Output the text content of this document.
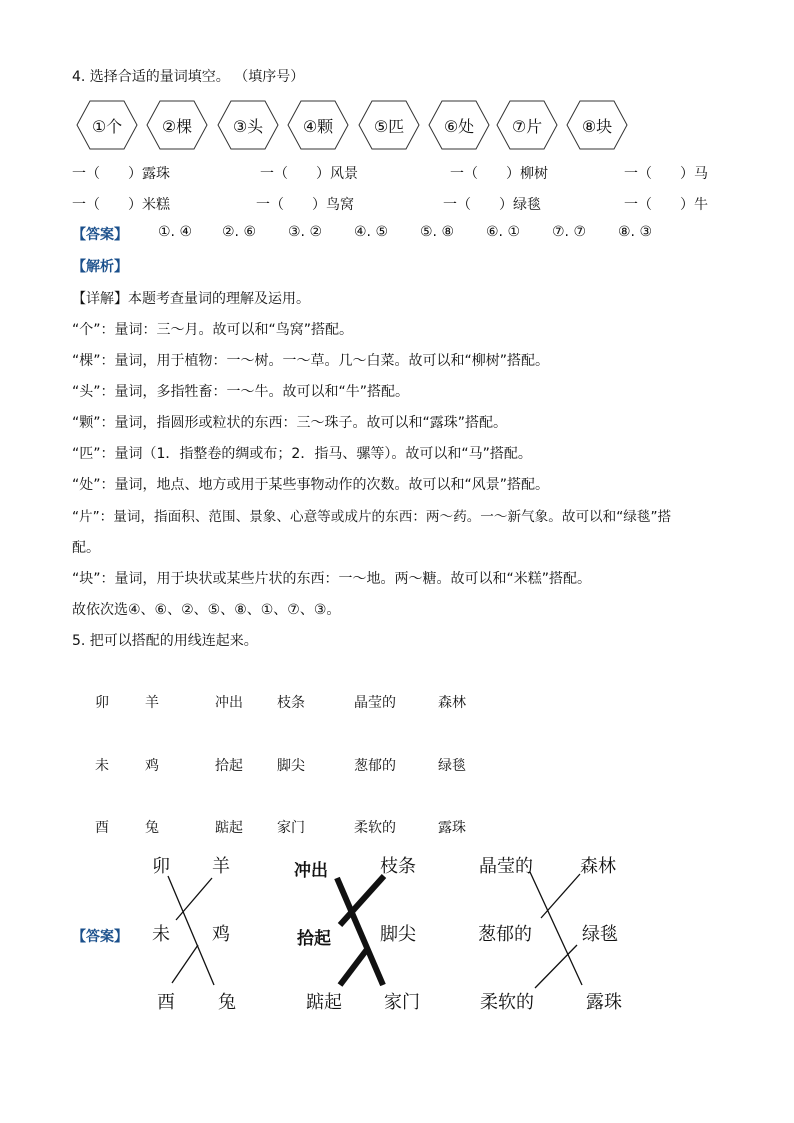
4. 选择合适的量词填空。 （填序号）
①个	②棵	③头	④颗	⑤匹	⑥处	⑦片	⑧块
一（　　）露珠	一（　　）风景	一（　　）柳树	一（　　）马
一（　　）米糕	一（　　）鸟窝	一（　　）绿毯	一（　　）牛
【答案】 ①. ④ ②. ⑥ ③. ② ④. ⑤ ⑤. ⑧ ⑥. ① ⑦. ⑦ ⑧. ③
【解析】
【详解】本题考查量词的理解及运用。
“个”：量词：三～月。故可以和“鸟窝”搭配。
“棵”：量词，用于植物：一～树。一～草。几～白菜。故可以和“柳树”搭配。
“头”：量词，多指牲畜：一～牛。故可以和“牛”搭配。
“颗”：量词，指圆形或粒状的东西：三～珠子。故可以和“露珠”搭配。
“匹”：量词（1．指整卷的绸或布；2．指马、骡等）。故可以和“马”搭配。
“处”：量词，地点、地方或用于某些事物动作的次数。故可以和“风景”搭配。
“片”：量词，指面积、范围、景象、心意等或成片的东西：两～药。一～新气象。故可以和“绿毯”搭
配。
“块”：量词，用于块状或某些片状的东西：一～地。两～糖。故可以和“米糕”搭配。
故依次选④、⑥、②、⑤、⑧、①、⑦、③。
5. 把可以搭配的用线连起来。
卯	羊	冲出 枝条	晶莹的	森林
未	鸡	拾起 脚尖	葱郁的	绿毯
酉	兔	踮起 家门	柔软的	露珠
【答案】
卯 羊
未 鸡
酉 兔
冲出	枝条
拾起	脚尖
踮起 家门
晶莹的	森林
葱郁的	绿毯
柔软的	露珠
